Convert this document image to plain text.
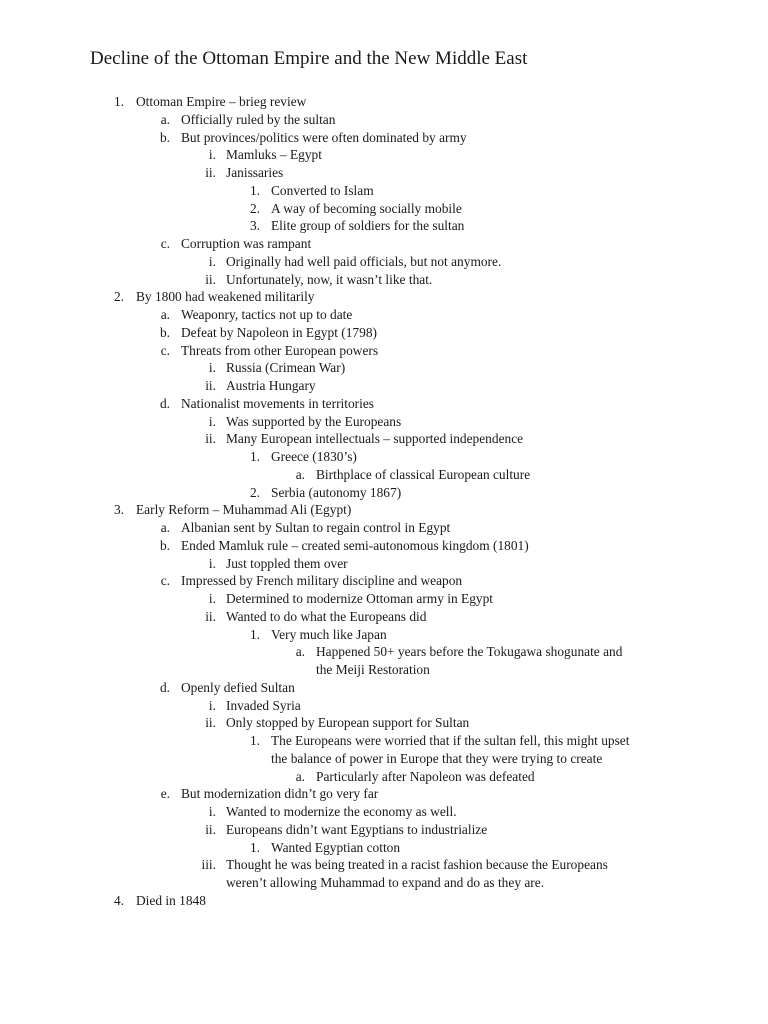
Decline of the Ottoman Empire and the New Middle East
1. Ottoman Empire – brieg review
a. Officially ruled by the sultan
b. But provinces/politics were often dominated by army
i. Mamluks – Egypt
ii. Janissaries
1. Converted to Islam
2. A way of becoming socially mobile
3. Elite group of soldiers for the sultan
c. Corruption was rampant
i. Originally had well paid officials, but not anymore.
ii. Unfortunately, now, it wasn’t like that.
2. By 1800 had weakened militarily
a. Weaponry, tactics not up to date
b. Defeat by Napoleon in Egypt (1798)
c. Threats from other European powers
i. Russia (Crimean War)
ii. Austria Hungary
d. Nationalist movements in territories
i. Was supported by the Europeans
ii. Many European intellectuals – supported independence
1. Greece (1830’s)
a. Birthplace of classical European culture
2. Serbia (autonomy 1867)
3. Early Reform – Muhammad Ali (Egypt)
a. Albanian sent by Sultan to regain control in Egypt
b. Ended Mamluk rule – created semi-autonomous kingdom (1801)
i. Just toppled them over
c. Impressed by French military discipline and weapon
i. Determined to modernize Ottoman army in Egypt
ii. Wanted to do what the Europeans did
1. Very much like Japan
a. Happened 50+ years before the Tokugawa shogunate and
the Meiji Restoration
d. Openly defied Sultan
i. Invaded Syria
ii. Only stopped by European support for Sultan
1. The Europeans were worried that if the sultan fell, this might upset
the balance of power in Europe that they were trying to create
a. Particularly after Napoleon was defeated
e. But modernization didn’t go very far
i. Wanted to modernize the economy as well.
ii. Europeans didn’t want Egyptians to industrialize
1. Wanted Egyptian cotton
iii. Thought he was being treated in a racist fashion because the Europeans
weren’t allowing Muhammad to expand and do as they are.
4. Died in 1848
